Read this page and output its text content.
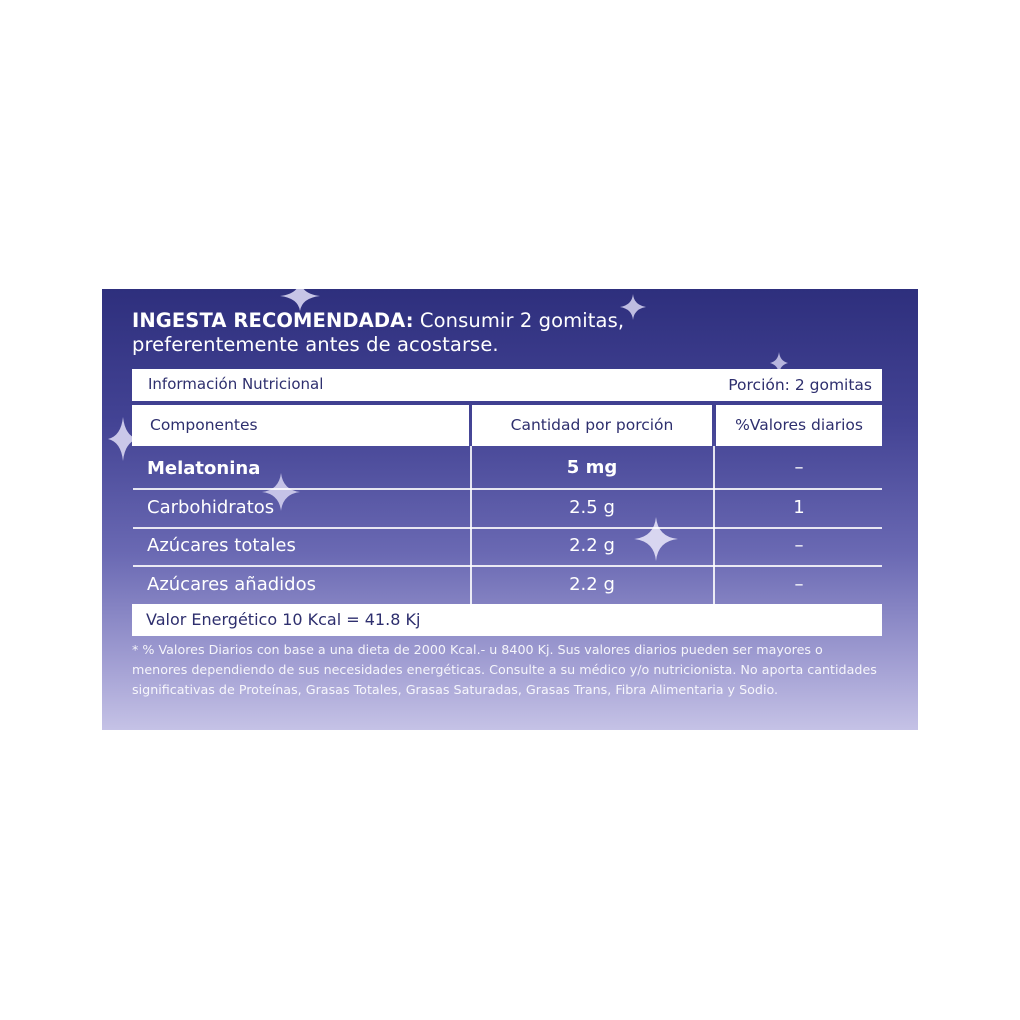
INGESTA RECOMENDADA: Consumir 2 gomitas,
preferentemente antes de acostarse.
Información Nutricional	Porción: 2 gomitas
Componentes	Cantidad por porción	%Valores diarios
Melatonina	5 mg	–
Carbohidratos	2.5 g	1
Azúcares totales	2.2 g	–
Azúcares añadidos	2.2 g	–
Valor Energético 10 Kcal = 41.8 Kj
* % Valores Diarios con base a una dieta de 2000 Kcal.- u 8400 Kj. Sus valores diarios pueden ser mayores o menores dependiendo de sus necesidades energéticas. Consulte a su médico y/o nutricionista. No aporta cantidades significativas de Proteínas, Grasas Totales, Grasas Saturadas, Grasas Trans, Fibra Alimentaria y Sodio.
